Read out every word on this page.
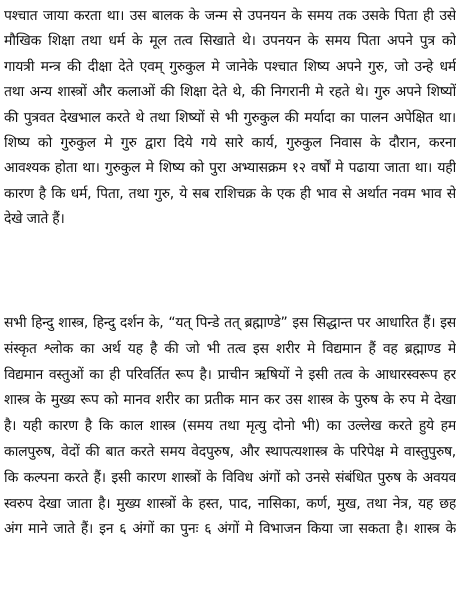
पश्चात जाया करता था। उस बालक के जन्म से उपनयन के समय तक उसके पिता ही उसे
मौखिक शिक्षा तथा धर्म के मूल तत्व सिखाते थे। उपनयन के समय पिता अपने पुत्र को
गायत्री मन्त्र की दीक्षा देते एवम् गुरुकुल मे जानेके पश्चात शिष्य अपने गुरु, जो उन्हे धर्म
तथा अन्य शास्त्रों और कलाओं की शिक्षा देते थे, की निगरानी मे रहते थे। गुरु अपने शिष्यों
की पुत्रवत देखभाल करते थे तथा शिष्यों से भी गुरुकुल की मर्यादा का पालन अपेक्षित था।
शिष्य को गुरुकुल मे गुरु द्वारा दिये गये सारे कार्य, गुरुकुल निवास के दौरान, करना
आवश्यक होता था। गुरुकुल मे शिष्य को पुरा अभ्यासक्रम १२ वर्षों मे पढाया जाता था। यही
कारण है कि धर्म, पिता, तथा गुरु, ये सब राशिचक्र के एक ही भाव से अर्थात नवम भाव से
देखे जाते हैं।
सभी हिन्दु शास्त्र, हिन्दु दर्शन के, “यत् पिन्डे तत् ब्रह्माण्डे” इस सिद्धान्त पर आधारित हैं। इस
संस्कृत श्लोक का अर्थ यह है की जो भी तत्व इस शरीर मे विद्यमान हैं वह ब्रह्माण्ड मे
विद्यमान वस्तुओं का ही परिवर्तित रूप है। प्राचीन ऋषियों ने इसी तत्व के आधारस्वरूप हर
शास्त्र के मुख्य रूप को मानव शरीर का प्रतीक मान कर उस शास्त्र के पुरुष के रुप मे देखा
है। यही कारण है कि काल शास्त्र (समय तथा मृत्यु दोनो भी) का उल्लेख करते हुये हम
कालपुरुष, वेदों की बात करते समय वेदपुरुष, और स्थापत्यशास्त्र के परिपेक्ष मे वास्तुपुरुष,
कि कल्पना करते हैं। इसी कारण शास्त्रों के विविध अंगों को उनसे संबंधित पुरुष के अवयव
स्वरुप देखा जाता है। मुख्य शास्त्रों के हस्त, पाद, नासिका, कर्ण, मुख, तथा नेत्र, यह छह
अंग माने जाते हैं। इन ६ अंगों का पुनः ६ अंगों मे विभाजन किया जा सकता है। शास्त्र के
